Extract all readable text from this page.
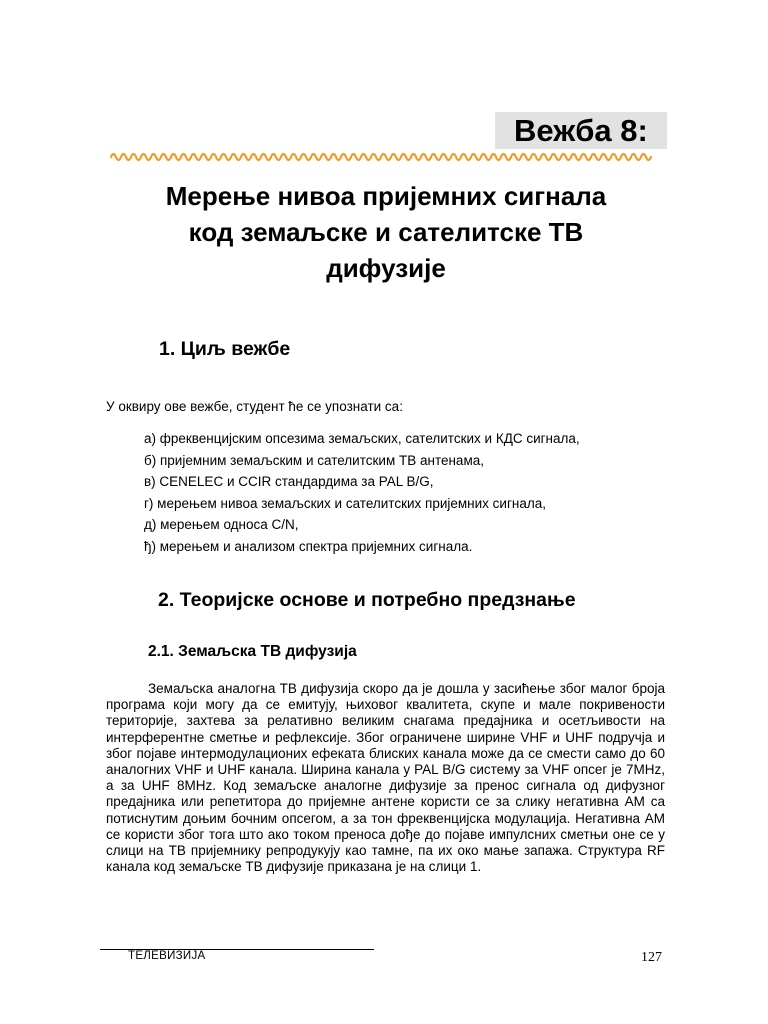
Вежба 8:
Мерење нивоа пријемних сигнала
код земаљске и сателитске ТВ
дифузије
1. Циљ вежбе
У оквиру ове вежбе, студент ће се упознати са:
а) фреквенцијским опсезима земаљских, сателитских и КДС сигнала,
б) пријемним земаљским и сателитским ТВ антенама,
в) CENELEC и CCIR стандардима за PAL B/G,
г) мерењем нивоа земаљских и сателитских пријемних сигнала,
д) мерењем односа C/N,
ђ) мерењем и анализом спектра пријемних сигнала.
2. Теоријске основе и потребно предзнање
2.1. Земаљска ТВ дифузија

Земаљска аналогна ТВ дифузија скоро да је дошла у засићење због малог броја програма који могу да се емитују, њиховог квалитета, скупе и мале покривености територије, захтева за релативно великим снагама предајника и осетљивости на интерферентне сметње и рефлексије. Због ограничене ширине VHF и UHF подручја и због појаве интермодулационих ефеката блиских канала може да се смести само до 60 аналогних VHF и UHF канала. Ширина канала у PAL B/G систему за VHF опсег је 7MHz, а за UHF 8MHz. Код земаљске аналогне дифузије за пренос сигнала од дифузног предајника или репетитора до пријемне антене користи се за слику негативна АМ са потиснутим доњим бочним опсегом, а за тон фреквенцијска модулација. Негативна АМ се користи због тога што ако током преноса дође до појаве импулсних сметњи оне се у слици на ТВ пријемнику репродукују као тамне, па их око мање запажа. Структура RF канала код земаљске ТВ дифузије приказана је на слици 1.

ТЕЛЕВИЗИЈА	127
